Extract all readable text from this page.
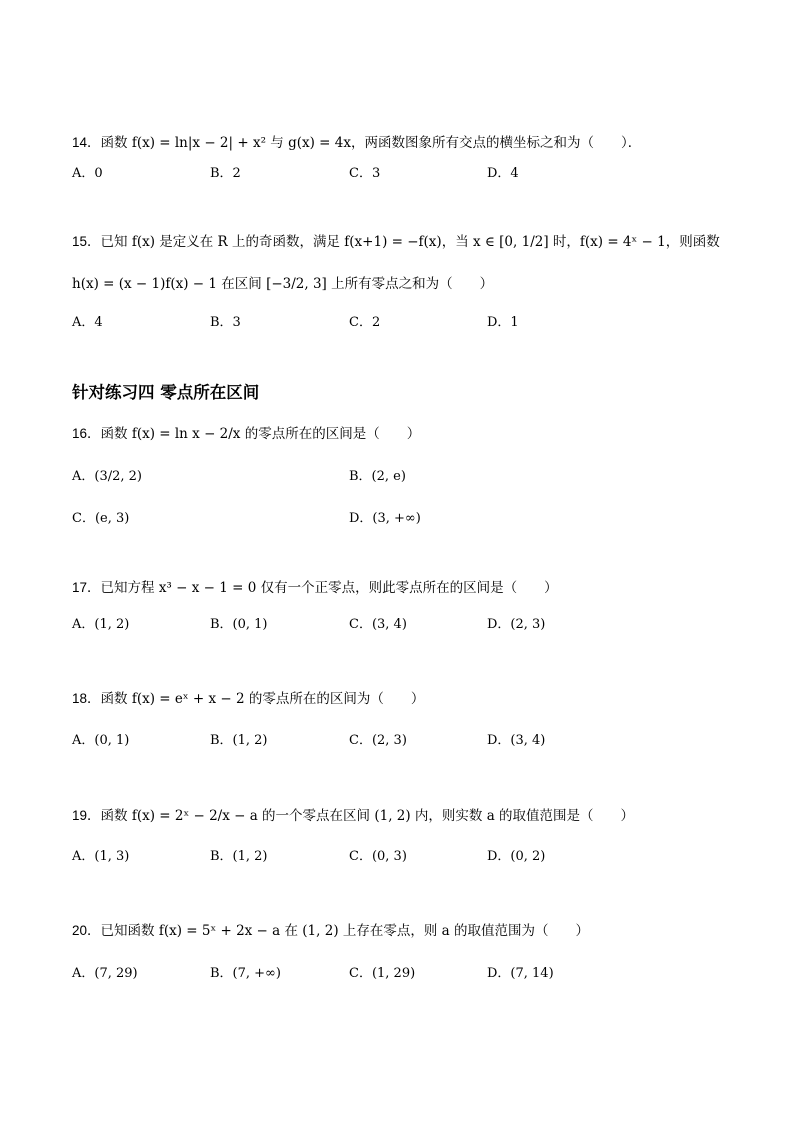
14．函数 f(x) = ln|x − 2| + x² 与 g(x) = 4x，两函数图象所有交点的横坐标之和为（　　）．
A．0	B．2	C．3	D．4
15．已知 f(x) 是定义在 R 上的奇函数，满足 f(x+1) = −f(x)，当 x ∈ [0, 1/2] 时，f(x) = 4ˣ − 1，则函数
h(x) = (x − 1)f(x) − 1 在区间 [−3/2, 3] 上所有零点之和为（　　）
A．4	B．3	C．2	D．1
针对练习四 零点所在区间
16．函数 f(x) = ln x − 2/x 的零点所在的区间是（　　）
A．(3/2, 2)	B．(2, e)
C．(e, 3)	D．(3, +∞)
17．已知方程 x³ − x − 1 = 0 仅有一个正零点，则此零点所在的区间是（　　）
A．(1, 2)	B．(0, 1)	C．(3, 4)	D．(2, 3)
18．函数 f(x) = eˣ + x − 2 的零点所在的区间为（　　）
A．(0, 1)	B．(1, 2)	C．(2, 3)	D．(3, 4)
19．函数 f(x) = 2ˣ − 2/x − a 的一个零点在区间 (1, 2) 内，则实数 a 的取值范围是（　　）
A．(1, 3)	B．(1, 2)	C．(0, 3)	D．(0, 2)
20．已知函数 f(x) = 5ˣ + 2x − a 在 (1, 2) 上存在零点，则 a 的取值范围为（　　）
A．(7, 29)	B．(7, +∞)	C．(1, 29)	D．(7, 14)
